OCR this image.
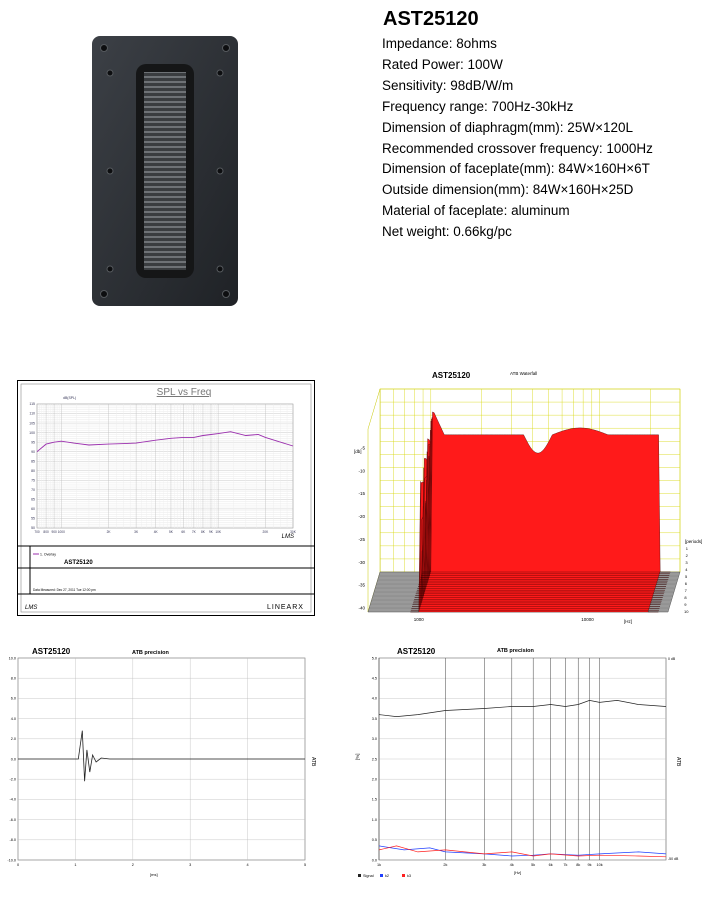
AST25120
Impedance: 8ohms
Rated Power: 100W
Sensitivity: 98dB/W/m
Frequency range: 700Hz-30kHz
Dimension of diaphragm(mm): 25W×120L
Recommended crossover frequency: 1000Hz
Dimension of faceplate(mm): 84W×160H×6T
Outside dimension(mm): 84W×160H×25D
Material of faceplate: aluminum
Net weight: 0.66kg/pc
SPL vs Freq
dB(SPL)
115
110
105
100
95
90
85
80
75
70
65
60
55
50
700 800 900 1000	2K	3K	4K	5K	6K 7K 8K 9K 10K	20K	30K
LMS
1. Overlay
AST25120
Data Measured: Dec 27, 2011 Tue 12:00 pm
LINEARX
LMS
AST25120	ATB Waterfall
[db]
[periods]
[Hz]
-5
-10
-15
-20
-25
-30
-35
-40
1000	10000
1
2
3
4
5
6
7
8
9
10
AST25120	ATB precision
[ms]
ATB
10.0
8.0
6.0
4.0
2.0
0.0
-2.0
-4.0
-6.0
-8.0
-10.0
0	1	2	3	4	5
AST25120	ATB precision
[%]
[Hz]
ATB
0 dB
-50 dB
5.0
4.5
4.0
3.5
3.0
2.5
2.0
1.5
1.0
0.5
0.0
1k	2k	3k	4k	5k	6k	7k 8k 9k 10k
Signal	k2	k3
